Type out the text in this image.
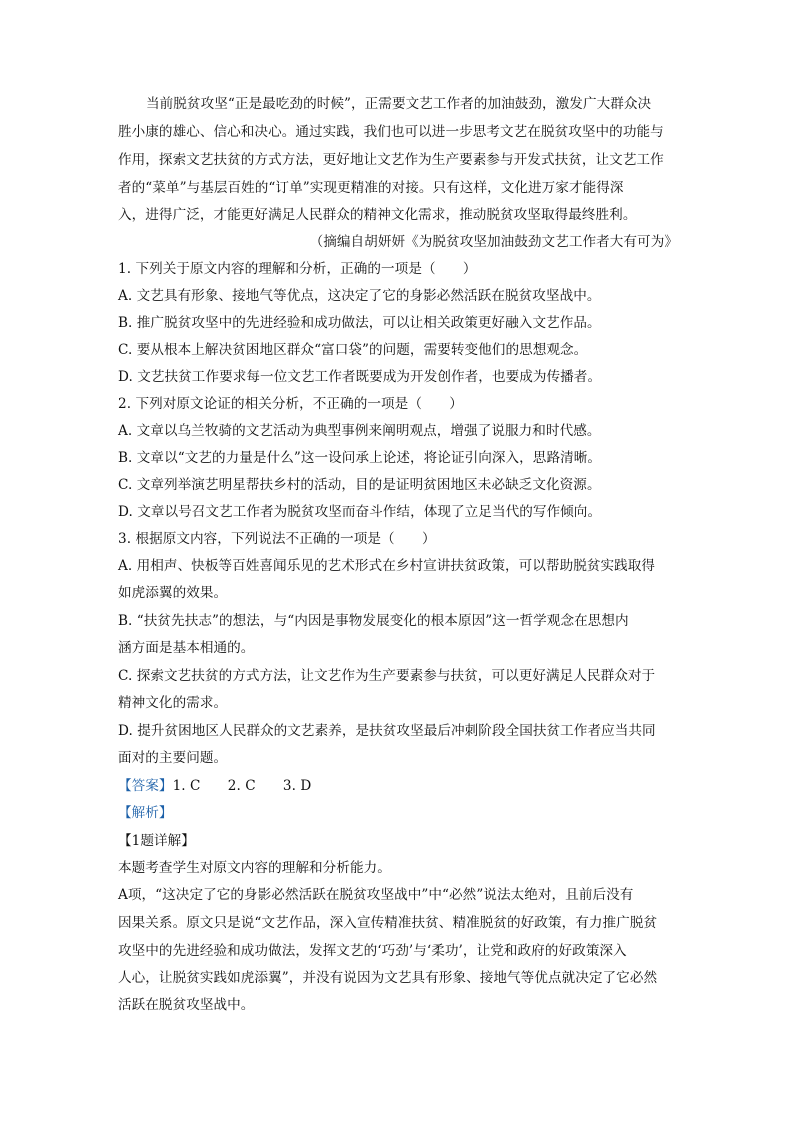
当前脱贫攻坚“正是最吃劲的时候”，正需要文艺工作者的加油鼓劲，激发广大群众决
胜小康的雄心、信心和决心。通过实践，我们也可以进一步思考文艺在脱贫攻坚中的功能与
作用，探索文艺扶贫的方式方法，更好地让文艺作为生产要素参与开发式扶贫，让文艺工作
者的“菜单”与基层百姓的“订单”实现更精准的对接。只有这样，文化进万家才能得深
入，进得广泛，才能更好满足人民群众的精神文化需求，推动脱贫攻坚取得最终胜利。
（摘编自胡妍妍《为脱贫攻坚加油鼓劲文艺工作者大有可为》
1. 下列关于原文内容的理解和分析，正确的一项是（　　）
A. 文艺具有形象、接地气等优点，这决定了它的身影必然活跃在脱贫攻坚战中。
B. 推广脱贫攻坚中的先进经验和成功做法，可以让相关政策更好融入文艺作品。
C. 要从根本上解决贫困地区群众“富口袋”的问题，需要转变他们的思想观念。
D. 文艺扶贫工作要求每一位文艺工作者既要成为开发创作者，也要成为传播者。
2. 下列对原文论证的相关分析，不正确的一项是（　　）
A. 文章以乌兰牧骑的文艺活动为典型事例来阐明观点，增强了说服力和时代感。
B. 文章以“文艺的力量是什么”这一设问承上论述，将论证引向深入，思路清晰。
C. 文章列举演艺明星帮扶乡村的活动，目的是证明贫困地区未必缺乏文化资源。
D. 文章以号召文艺工作者为脱贫攻坚而奋斗作结，体现了立足当代的写作倾向。
3. 根据原文内容，下列说法不正确的一项是（　　）
A. 用相声、快板等百姓喜闻乐见的艺术形式在乡村宣讲扶贫政策，可以帮助脱贫实践取得
如虎添翼的效果。
B. “扶贫先扶志”的想法，与“内因是事物发展变化的根本原因”这一哲学观念在思想内
涵方面是基本相通的。
C. 探索文艺扶贫的方式方法，让文艺作为生产要素参与扶贫，可以更好满足人民群众对于
精神文化的需求。
D. 提升贫困地区人民群众的文艺素养，是扶贫攻坚最后冲刺阶段全国扶贫工作者应当共同
面对的主要问题。
【答案】1. C　　2. C　　3. D
【解析】
【1题详解】
本题考查学生对原文内容的理解和分析能力。
A项，“这决定了它的身影必然活跃在脱贫攻坚战中”中“必然”说法太绝对，且前后没有
因果关系。原文只是说“文艺作品，深入宣传精准扶贫、精准脱贫的好政策，有力推广脱贫
攻坚中的先进经验和成功做法，发挥文艺的‘巧劲’与‘柔功’，让党和政府的好政策深入
人心，让脱贫实践如虎添翼”，并没有说因为文艺具有形象、接地气等优点就决定了它必然
活跃在脱贫攻坚战中。
